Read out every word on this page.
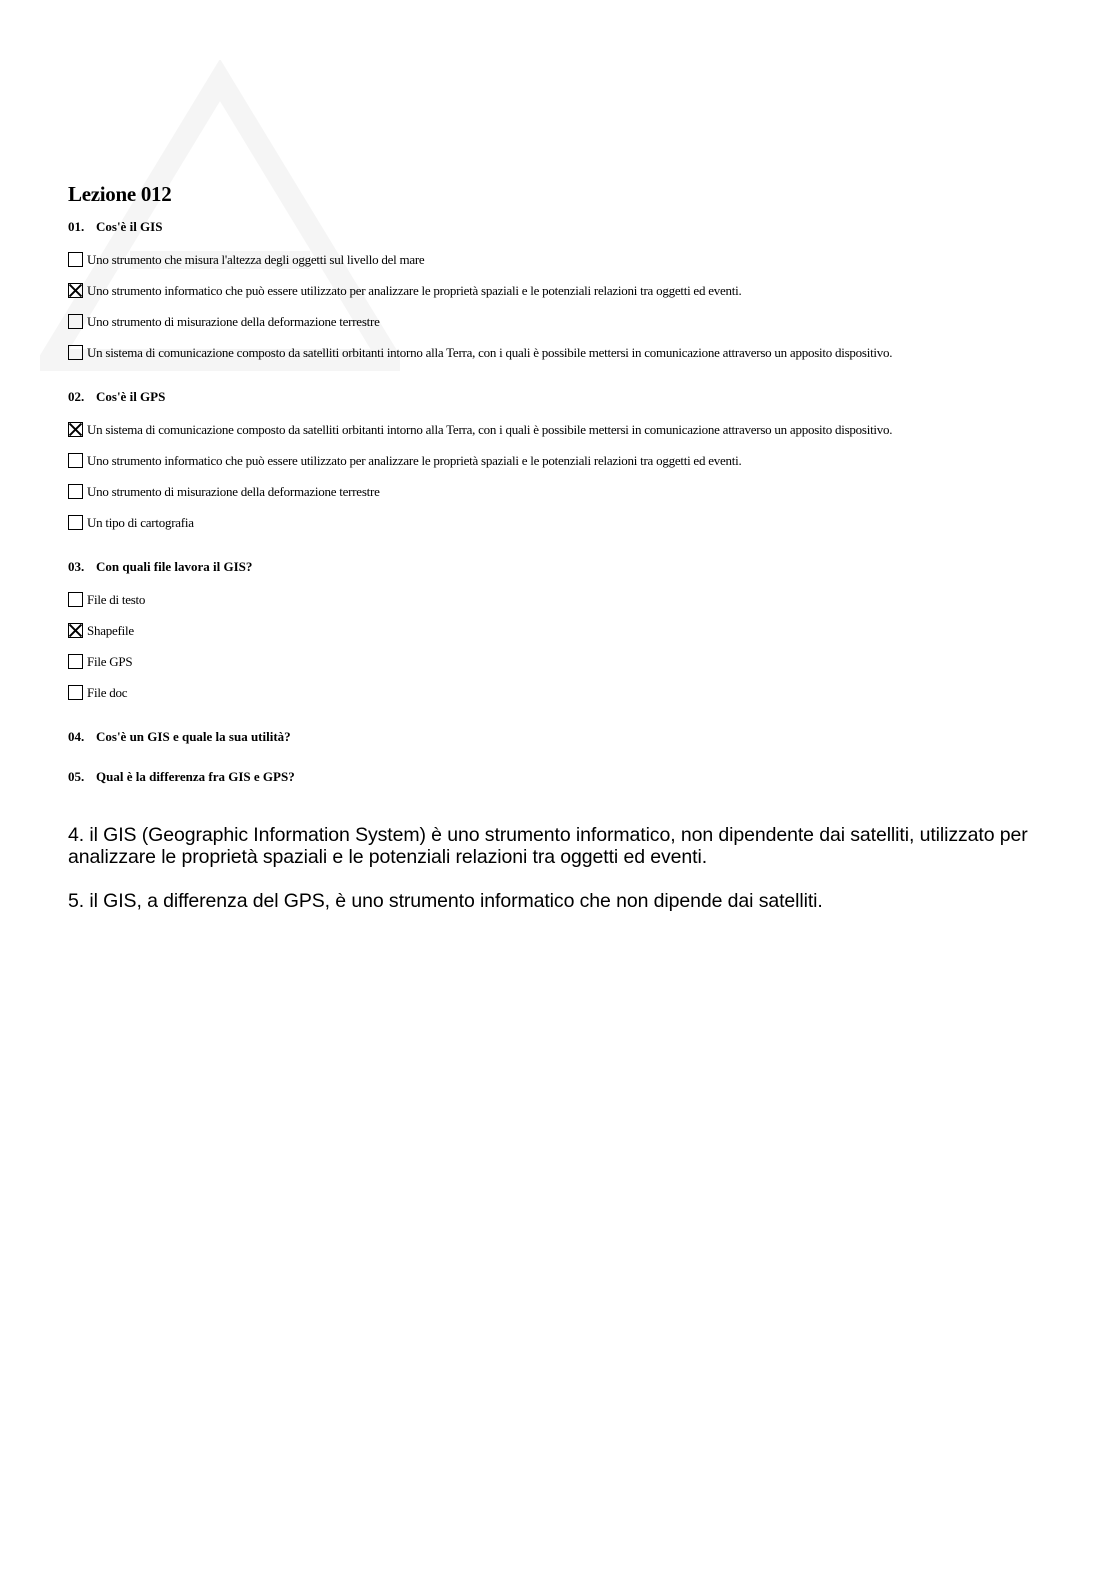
Lezione 012
01. Cos'è il GIS
Uno strumento che misura l'altezza degli oggetti sul livello del mare
Uno strumento informatico che può essere utilizzato per analizzare le proprietà spaziali e le potenziali relazioni tra oggetti ed eventi.
Uno strumento di misurazione della deformazione terrestre
Un sistema di comunicazione composto da satelliti orbitanti intorno alla Terra, con i quali è possibile mettersi in comunicazione attraverso un apposito dispositivo.
02. Cos'è il GPS
Un sistema di comunicazione composto da satelliti orbitanti intorno alla Terra, con i quali è possibile mettersi in comunicazione attraverso un apposito dispositivo.
Uno strumento informatico che può essere utilizzato per analizzare le proprietà spaziali e le potenziali relazioni tra oggetti ed eventi.
Uno strumento di misurazione della deformazione terrestre
Un tipo di cartografia
03. Con quali file lavora il GIS?
File di testo
Shapefile
File GPS
File doc
04. Cos'è un GIS e quale la sua utilità?
05. Qual è la differenza fra GIS e GPS?
4. il GIS (Geographic Information System) è uno strumento informatico, non dipendente dai satelliti, utilizzato per analizzare le proprietà spaziali e le potenziali relazioni tra oggetti ed eventi.
5. il GIS, a differenza del GPS, è uno strumento informatico che non dipende dai satelliti.
